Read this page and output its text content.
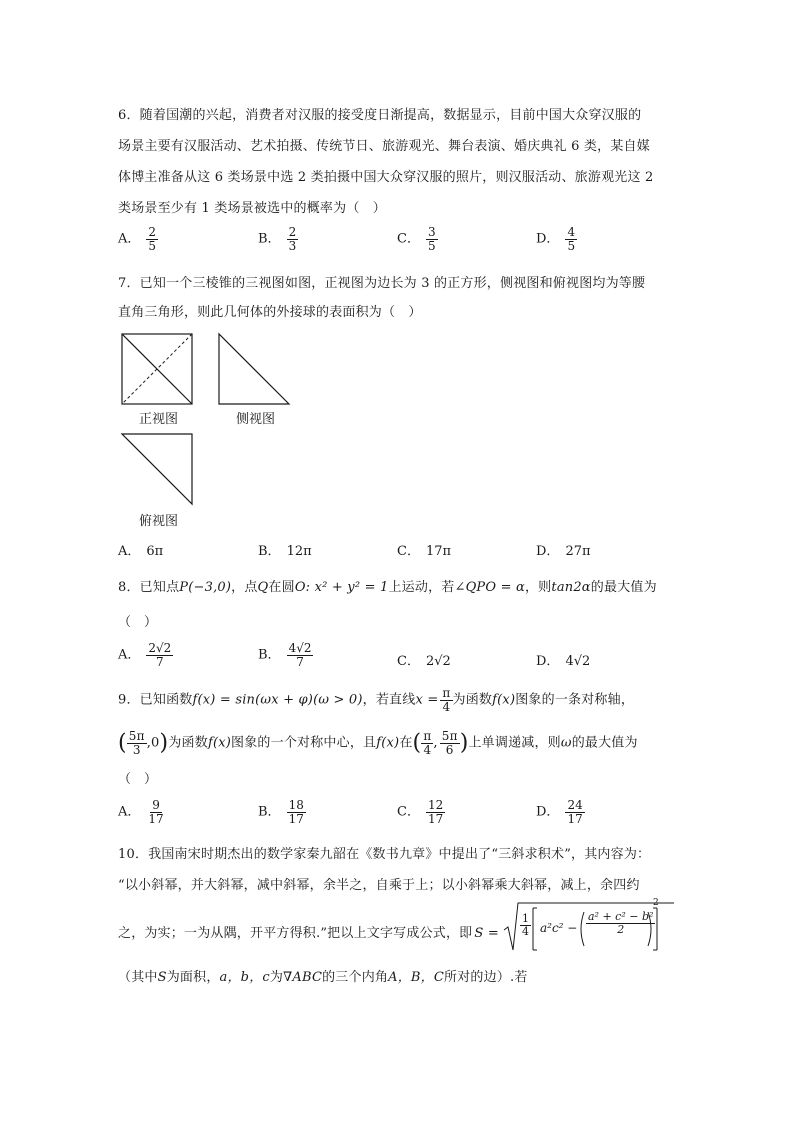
6．随着国潮的兴起，消费者对汉服的接受度日渐提高，数据显示，目前中国大众穿汉服的
场景主要有汉服活动、艺术拍摄、传统节日、旅游观光、舞台表演、婚庆典礼 6 类，某自媒
体博主准备从这 6 类场景中选 2 类拍摄中国大众穿汉服的照片，则汉服活动、旅游观光这 2
类场景至少有 1 类场景被选中的概率为（　）
A． $\frac{2}{5}$	B． $\frac{2}{3}$	C． $\frac{3}{5}$	D． $\frac{4}{5}$
7．已知一个三棱锥的三视图如图，正视图为边长为 3 的正方形，侧视图和俯视图均为等腰
直角三角形，则此几何体的外接球的表面积为（　）
正视图	侧视图
俯视图
A． 6π	B． 12π	C． 17π	D． 27π
8．已知点P(−3,0)，点Q在圆O: x² + y² = 1上运动，若∠QPO = α，则tan2α的最大值为
（　）
A． $\frac{2√2}{7}$	B． $\frac{4√2}{7}$	C． 2√2	D． 4√2
9．已知函数f(x) = sin(ωx + φ)(ω > 0)，若直线$x = \frac{\pi}{4}$ 为函数f(x)图象的一条对称轴，
( $\frac{5\pi}{3} ,0$)为函数f(x)图象的一个对称中心，且f(x)在( $\frac{\pi}{4}$ , $\frac{5\pi}{6}$ )上单调递减，则ω的最大值为
（　）
A． $\frac{9}{17}$	B． $\frac{18}{17}$	C． $\frac{12}{17}$	D． $\frac{24}{17}$
10．我国南宋时期杰出的数学家秦九韶在《数书九章》中提出了“三斜求积术”，其内容为：
“以小斜幂，并大斜幂，减中斜幂，余半之，自乘于上；以小斜幂乘大斜幂，减上，余四约
之，为实；一为从隅，开平方得积.”把以上文字写成公式，即 $S = \frac{1}{4} a^2c^2 - \frac{\text{a² + c² − b²}}{2}$
2
（其中S为面积，a，b，c为∇ABC的三个内角A，B，C所对的边）.若
